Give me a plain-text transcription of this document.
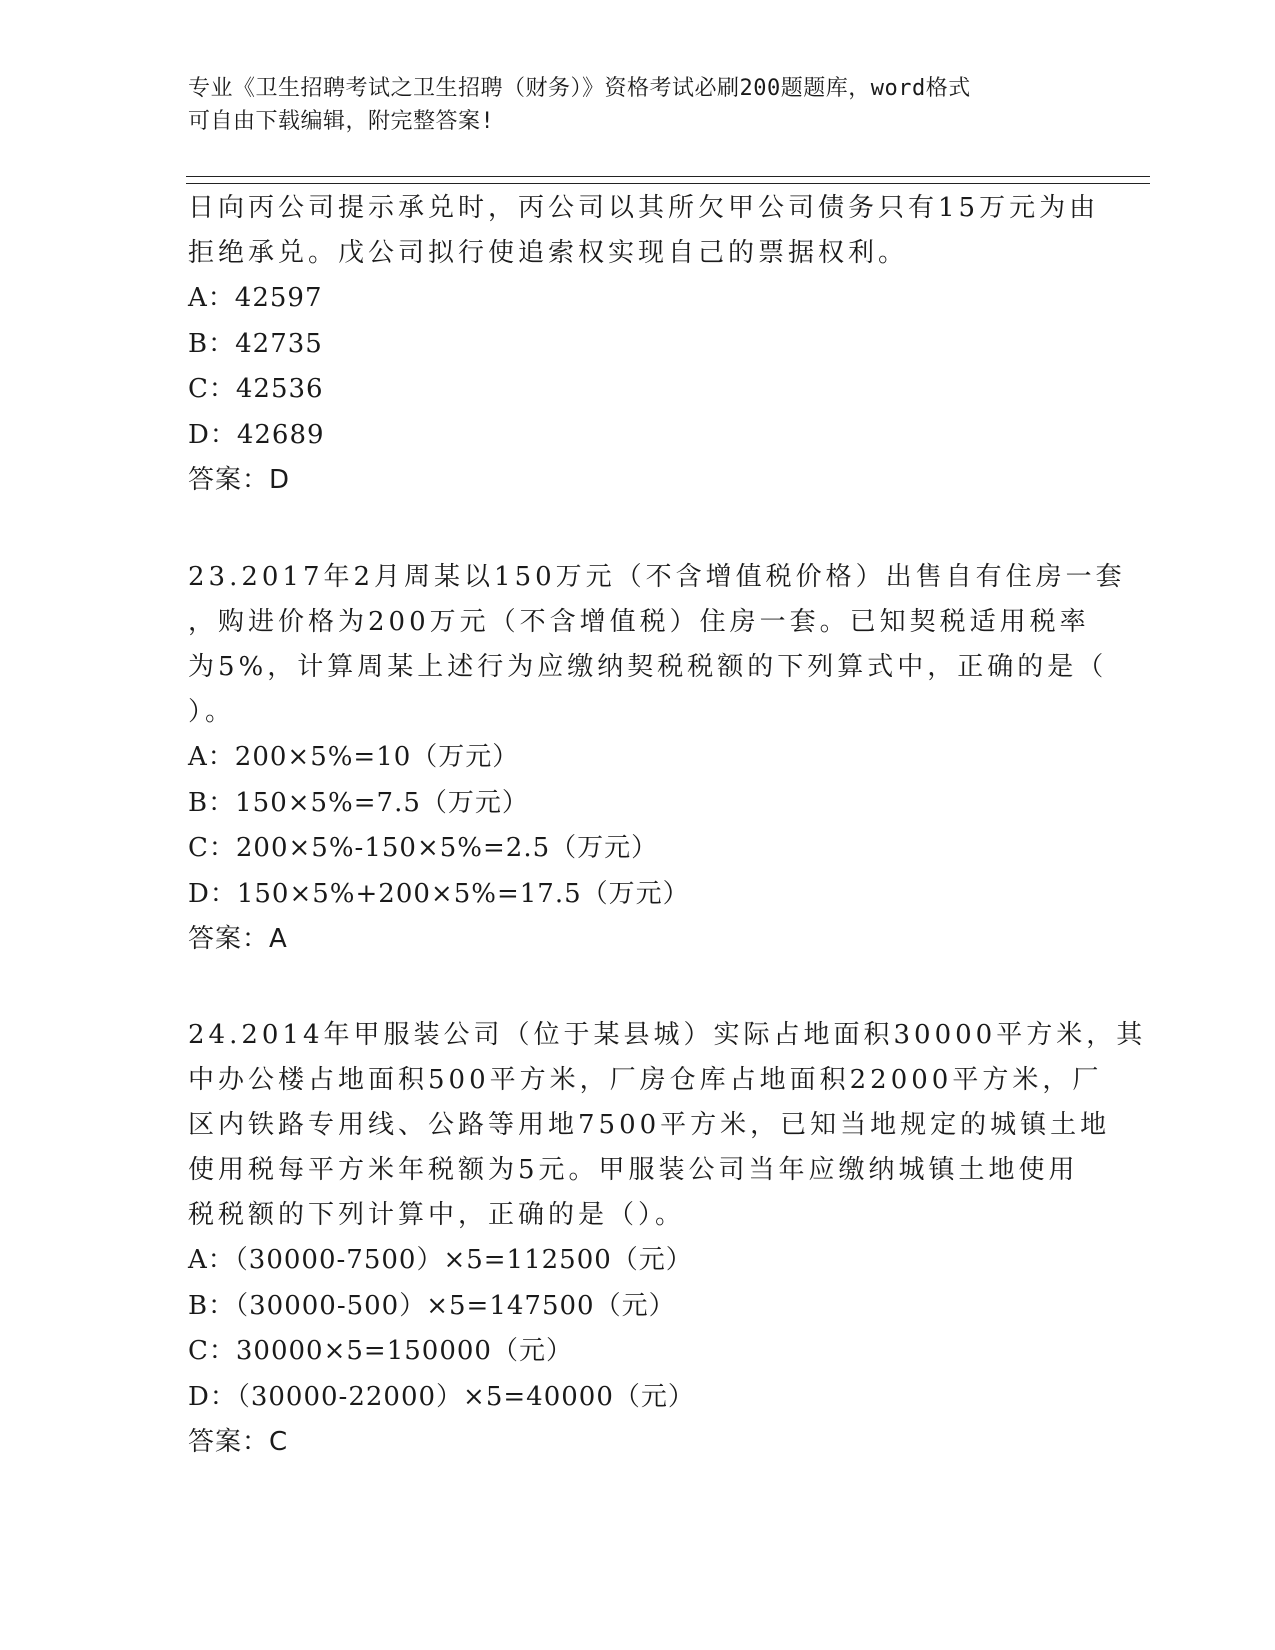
专业《卫生招聘考试之卫生招聘（财务）》资格考试必刷200题题库，word格式
可自由下载编辑，附完整答案!
日向丙公司提示承兑时，丙公司以其所欠甲公司债务只有15万元为由
拒绝承兑。戊公司拟行使追索权实现自己的票据权利。
A：42597
B：42735
C：42536
D：42689
答案：D
23.2017年2月周某以150万元（不含增值税价格）出售自有住房一套
，购进价格为200万元（不含增值税）住房一套。已知契税适用税率
为5%，计算周某上述行为应缴纳契税税额的下列算式中，正确的是（
）。
A：200×5%=10（万元）
B：150×5%=7.5（万元）
C：200×5%-150×5%=2.5（万元）
D：150×5%+200×5%=17.5（万元）
答案：A
24.2014年甲服装公司（位于某县城）实际占地面积30000平方米，其
中办公楼占地面积500平方米，厂房仓库占地面积22000平方米，厂
区内铁路专用线、公路等用地7500平方米，已知当地规定的城镇土地
使用税每平方米年税额为5元。甲服装公司当年应缴纳城镇土地使用
税税额的下列计算中，正确的是（）。
A：（30000-7500）×5=112500（元）
B：（30000-500）×5=147500（元）
C：30000×5=150000（元）
D：（30000-22000）×5=40000（元）
答案：C
